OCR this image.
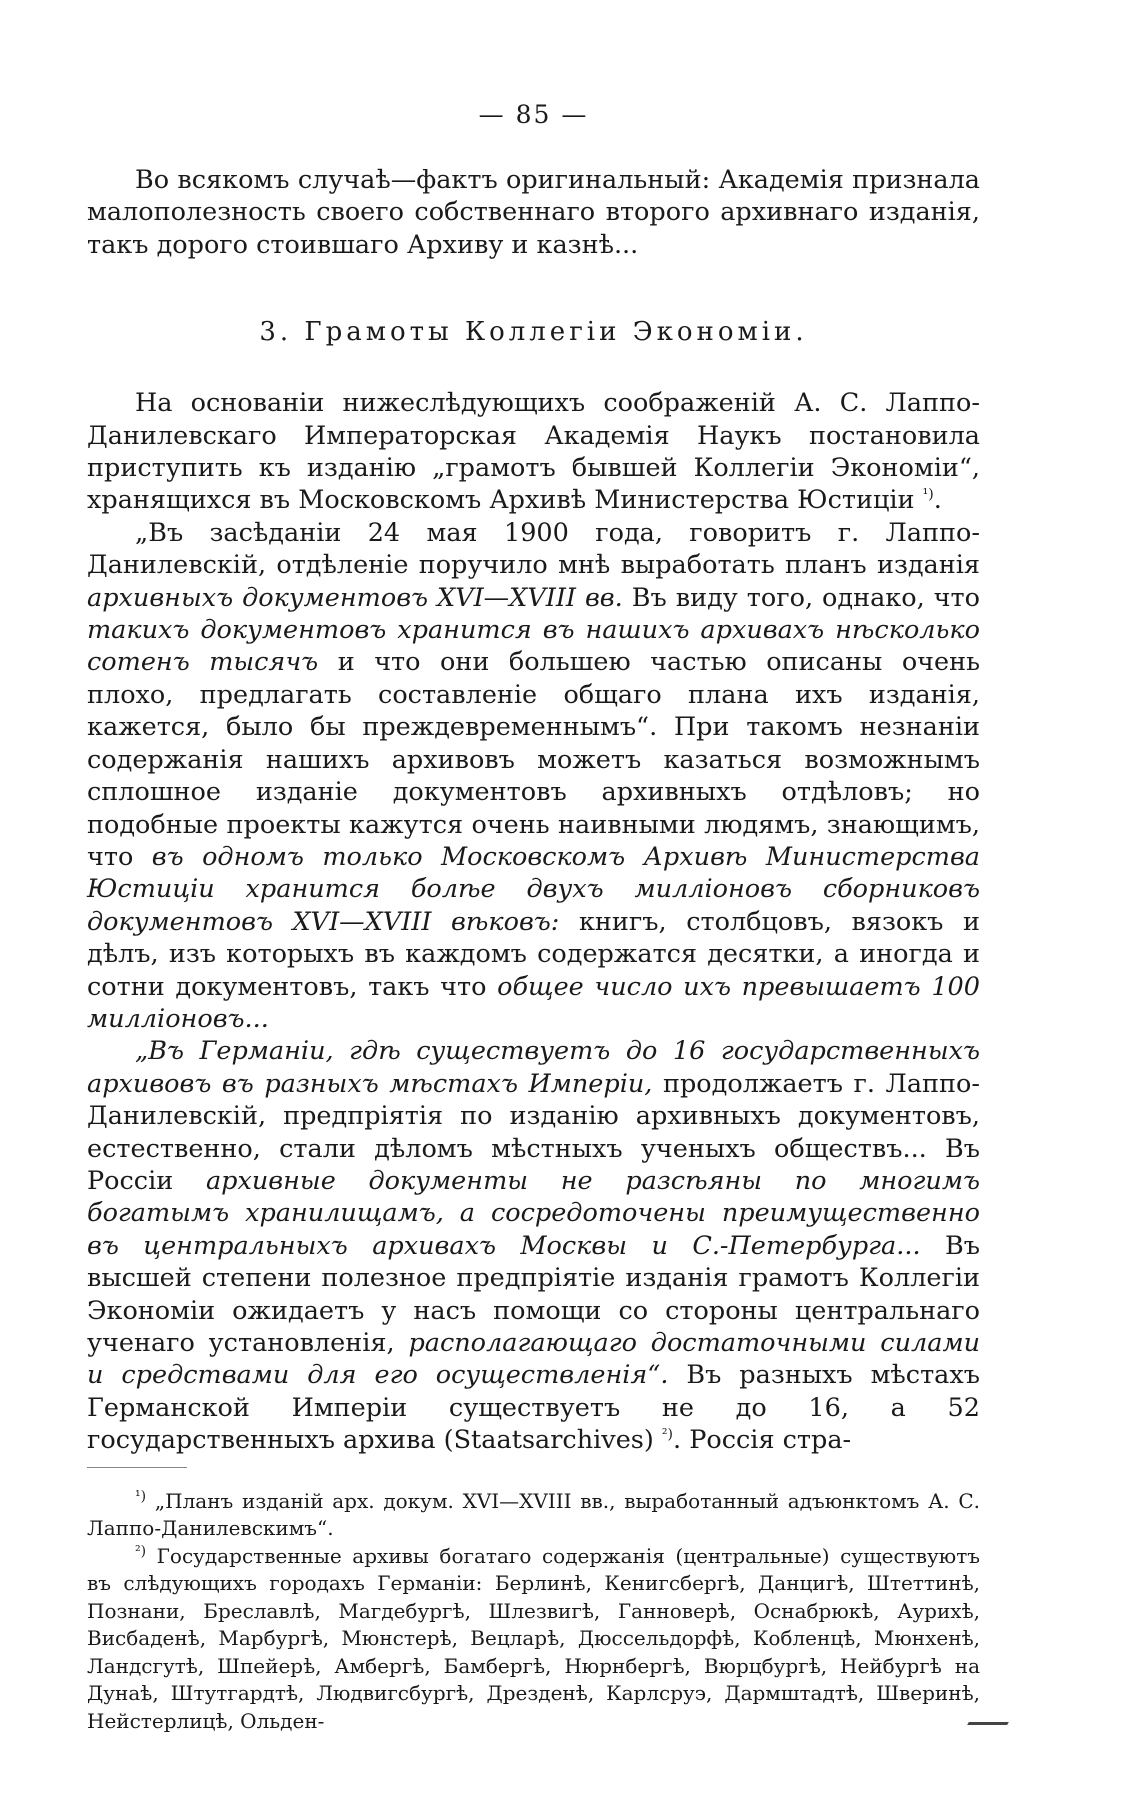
— 85 —

Во всякомъ случаѣ—фактъ оригинальный: Академія признала малополезность своего собственнаго второго архивнаго изданія, такъ дорого стоившаго Архиву и казнѣ...

3. Грамоты Коллегіи Экономіи.

На основаніи нижеслѣдующихъ соображеній А. С. Лаппо-Данилевскаго Императорская Академія Наукъ постановила приступить къ изданію „грамотъ бывшей Коллегіи Экономіи“, хранящихся въ Московскомъ Архивѣ Министерства Юстиціи $^{^1)}$.

„Въ засѣданіи 24 мая 1900 года, говоритъ г. Лаппо-Данилевскій, отдѣленіе поручило мнѣ выработать планъ изданія архивныхъ документовъ XVI—XVIII вв. Въ виду того, однако, что такихъ документовъ хранится въ нашихъ архивахъ нѣсколько сотенъ тысячъ и что они большею частью описаны очень плохо, предлагать составленіе общаго плана ихъ изданія, кажется, было бы преждевременнымъ“. При такомъ незнаніи содержанія нашихъ архивовъ можетъ казаться возможнымъ сплошное изданіе документовъ архивныхъ отдѣловъ; но подобные проекты кажутся очень наивными людямъ, знающимъ, что въ одномъ только Московскомъ Архивѣ Министерства Юстиціи хранится болѣе двухъ милліоновъ сборниковъ документовъ XVI—XVIII вѣковъ: книгъ, столбцовъ, вязокъ и дѣлъ, изъ которыхъ въ каждомъ содержатся десятки, а иногда и сотни документовъ, такъ что общее число ихъ превышаетъ 100 милліоновъ...

„Въ Германіи, гдѣ существуетъ до 16 государственныхъ архивовъ въ разныхъ мѣстахъ Имперіи, продолжаетъ г. Лаппо-Данилевскій, предпріятія по изданію архивныхъ документовъ, естественно, стали дѣломъ мѣстныхъ ученыхъ обществъ... Въ Россіи архивные документы не разсѣяны по многимъ богатымъ хранилищамъ, а сосредоточены преимущественно въ центральныхъ архивахъ Москвы и С.-Петербурга... Въ высшей степени полезное предпріятіе изданія грамотъ Коллегіи Экономіи ожидаетъ у насъ помощи со стороны центральнаго ученаго установленія, располагающаго достаточными силами и средствами для его осуществленія“. Въ разныхъ мѣстахъ Германской Имперіи существуетъ не до 16, а 52 государственныхъ архива (Staatsarchives) $^{^2)}$. Россія стра-

$^{^1)}$ „Планъ изданій арх. докум. XVI—XVIII вв., выработанный адъюнктомъ А. С. Лаппо-Данилевскимъ“.

$^{^2)}$ Государственные архивы богатаго содержанія (центральные) существуютъ въ слѣдующихъ городахъ Германіи: Берлинѣ, Кенигсбергѣ, Данцигѣ, Штеттинѣ, Познани, Бреславлѣ, Магдебургѣ, Шлезвигѣ, Ганноверѣ, Оснабрюкѣ, Аурихѣ, Висбаденѣ, Марбургѣ, Мюнстерѣ, Вецларѣ, Дюссельдорфѣ, Кобленцѣ, Мюнхенѣ, Ландсгутѣ, Шпейерѣ, Амбергѣ, Бамбергѣ, Нюрнбергѣ, Вюрцбургѣ, Нейбургѣ на Дунаѣ, Штутгардтѣ, Людвигсбургѣ, Дрезденѣ, Карлсруэ, Дармштадтѣ, Шверинѣ, Нейстерлицѣ, Ольден-
